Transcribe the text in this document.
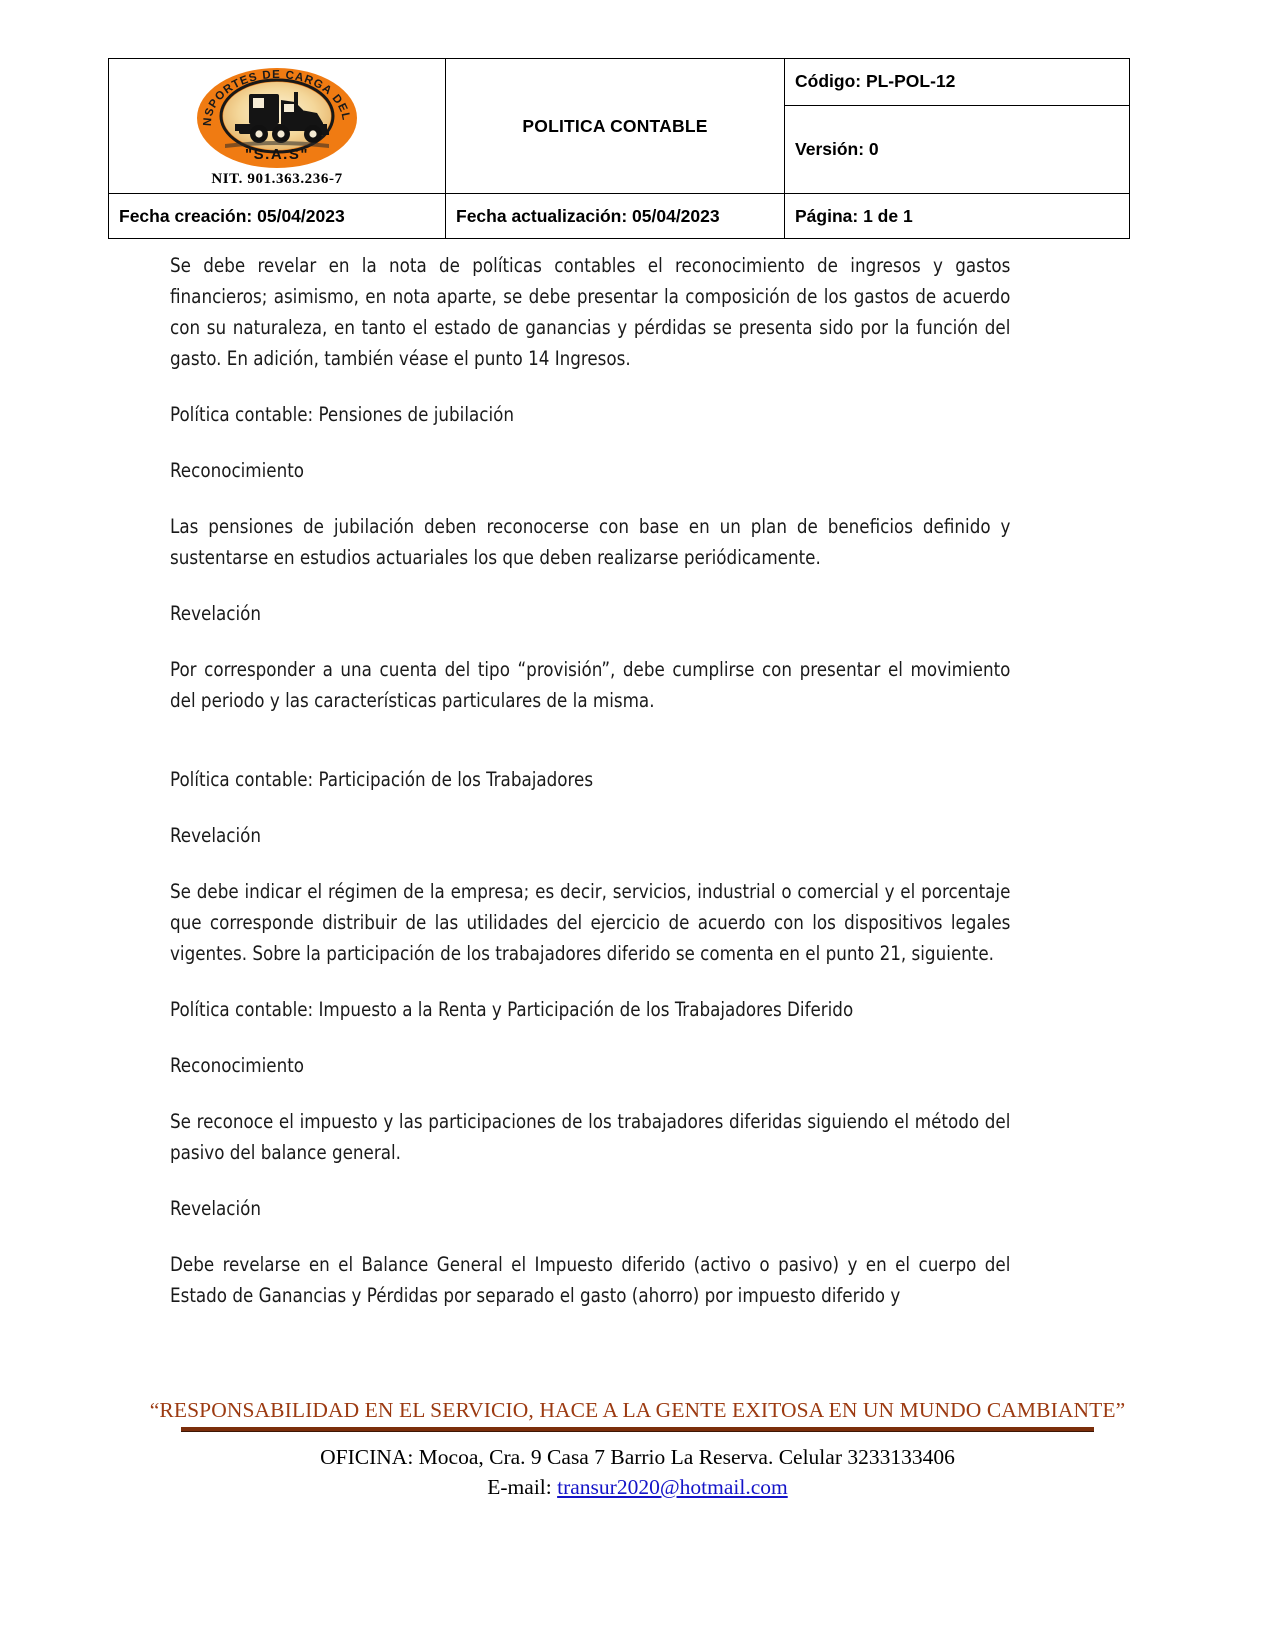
NSPORTES DE CARGA DEL
"S.A.S"
NIT. 901.363.236-7	POLITICA CONTABLE	Código: PL-POL-12
		Versión: 0
Fecha creación: 05/04/2023	Fecha actualización: 05/04/2023	Página: 1 de 1

Se debe revelar en la nota de políticas contables el reconocimiento de ingresos y gastos financieros; asimismo, en nota aparte, se debe presentar la composición de los gastos de acuerdo con su naturaleza, en tanto el estado de ganancias y pérdidas se presenta sido por la función del gasto. En adición, también véase el punto 14 Ingresos.

Política contable: Pensiones de jubilación

Reconocimiento

Las pensiones de jubilación deben reconocerse con base en un plan de beneficios definido y sustentarse en estudios actuariales los que deben realizarse periódicamente.

Revelación

Por corresponder a una cuenta del tipo “provisión”, debe cumplirse con presentar el movimiento del periodo y las características particulares de la misma.

Política contable: Participación de los Trabajadores

Revelación

Se debe indicar el régimen de la empresa; es decir, servicios, industrial o comercial y el porcentaje que corresponde distribuir de las utilidades del ejercicio de acuerdo con los dispositivos legales vigentes. Sobre la participación de los trabajadores diferido se comenta en el punto 21, siguiente.

Política contable: Impuesto a la Renta y Participación de los Trabajadores Diferido

Reconocimiento

Se reconoce el impuesto y las participaciones de los trabajadores diferidas siguiendo el método del pasivo del balance general.

Revelación

Debe revelarse en el Balance General el Impuesto diferido (activo o pasivo) y en el cuerpo del Estado de Ganancias y Pérdidas por separado el gasto (ahorro) por impuesto diferido y

“RESPONSABILIDAD EN EL SERVICIO, HACE A LA GENTE EXITOSA EN UN MUNDO CAMBIANTE”
OFICINA: Mocoa, Cra. 9 Casa 7 Barrio La Reserva. Celular 3233133406
E-mail: transur2020@hotmail.com
